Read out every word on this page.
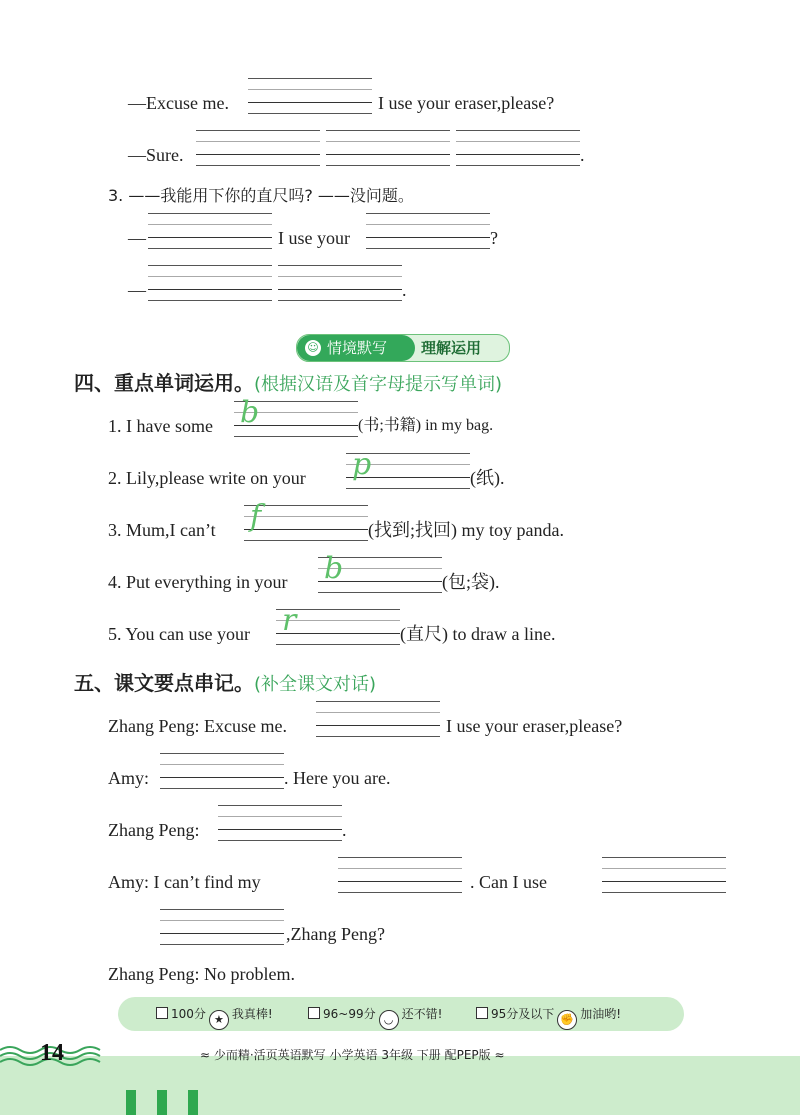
—Excuse me.	I use your eraser,please?
—Sure.	.
3. ——我能用下你的直尺吗? ——没问题。
—	I use your	?
—	.
☺ 情境默写	理解运用
四、重点单词运用。(根据汉语及首字母提示写单词)
1. I have some b	(书;书籍) in my bag.
2. Lily,please write on your p	(纸).
3. Mum,I can’t f	(找到;找回) my toy panda.
4. Put everything in your b	(包;袋).
5. You can use your r	(直尺) to draw a line.
五、课文要点串记。(补全课文对话)
Zhang Peng: Excuse me.	I use your eraser,please?
Amy:	. Here you are.
Zhang Peng:	.
Amy: I can’t find my	. Can I use
,Zhang Peng?
Zhang Peng: No problem.
100分 ★ 我真棒!	96~99分 ◡ 还不错!	95分及以下 ✊ 加油哟!
14	≈ 少而精·活页英语默写 小学英语 3年级 下册 配PEP版 ≈
